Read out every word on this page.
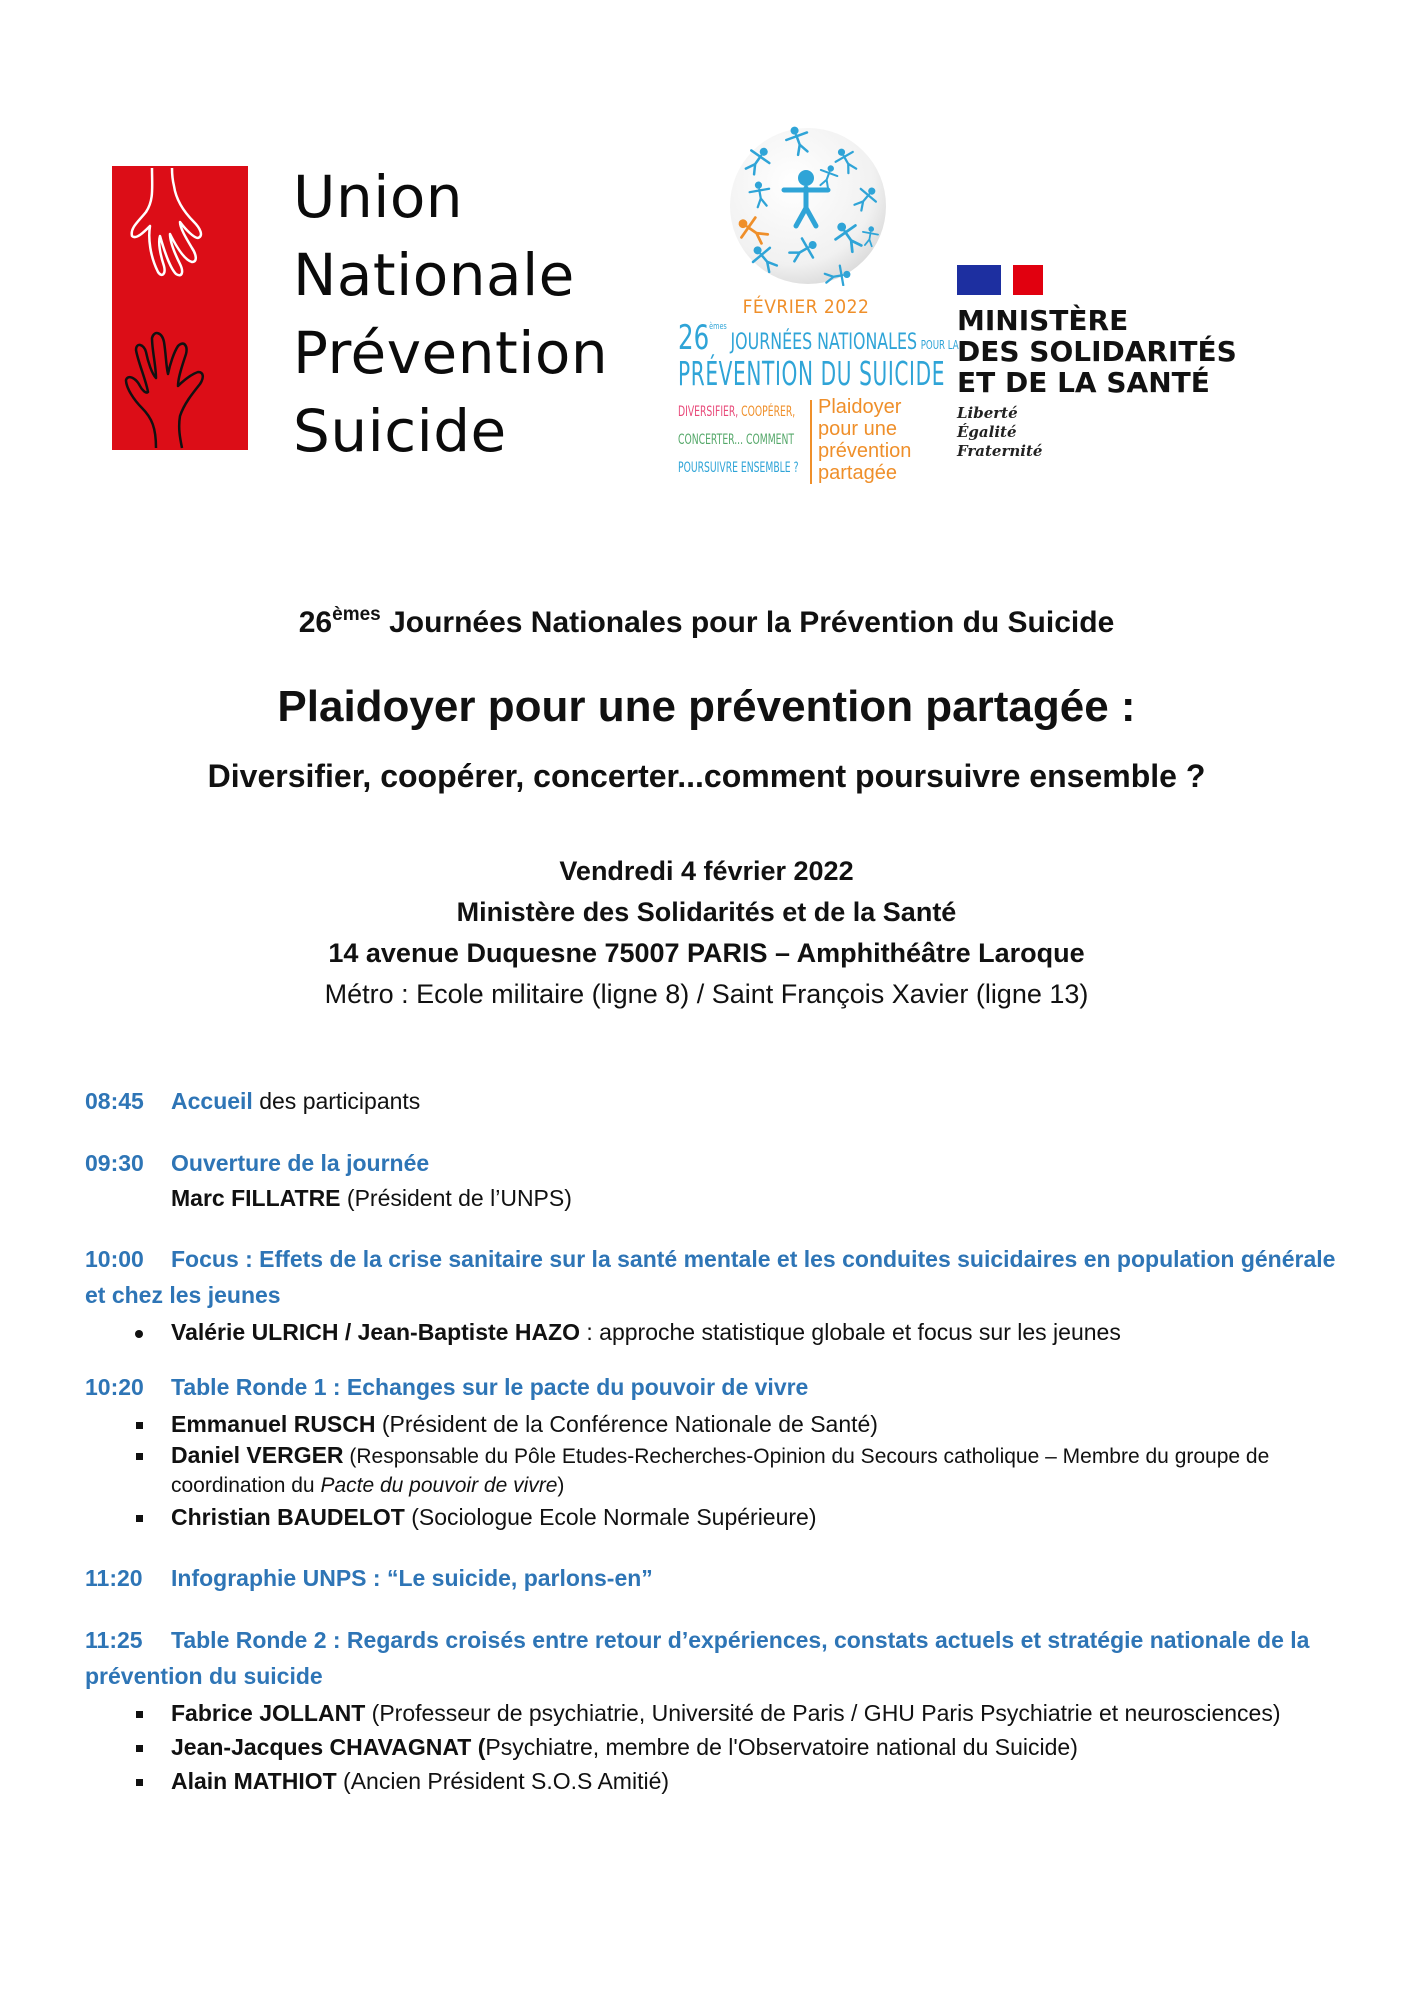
Union
Nationale
Prévention
Suicide
FÉVRIER 2022
26èmes JOURNÉES NATIONALES POUR LA
PRÉVENTION DU SUICIDE
DIVERSIFIER, COOPÉRER,
CONCERTER... COMMENT
POURSUIVRE ENSEMBLE ?
Plaidoyer
pour une
prévention
partagée
MINISTÈRE
DES SOLIDARITÉS
ET DE LA SANTÉ
Liberté
Égalité
Fraternité
26èmes Journées Nationales pour la Prévention du Suicide
Plaidoyer pour une prévention partagée :
Diversifier, coopérer, concerter...comment poursuivre ensemble ?
Vendredi 4 février 2022
Ministère des Solidarités et de la Santé
14 avenue Duquesne 75007 PARIS – Amphithéâtre Laroque
Métro : Ecole militaire (ligne 8) / Saint François Xavier (ligne 13)
08:45 Accueil des participants
09:30 Ouverture de la journée
Marc FILLATRE (Président de l’UNPS)
10:00 Focus : Effets de la crise sanitaire sur la santé mentale et les conduites suicidaires en population générale et chez les jeunes
Valérie ULRICH / Jean-Baptiste HAZO : approche statistique globale et focus sur les jeunes
10:20 Table Ronde 1 : Echanges sur le pacte du pouvoir de vivre
Emmanuel RUSCH (Président de la Conférence Nationale de Santé)
Daniel VERGER (Responsable du Pôle Etudes-Recherches-Opinion du Secours catholique – Membre du groupe de coordination du Pacte du pouvoir de vivre)
Christian BAUDELOT (Sociologue Ecole Normale Supérieure)
11:20 Infographie UNPS : “Le suicide, parlons-en”
11:25 Table Ronde 2 : Regards croisés entre retour d’expériences, constats actuels et stratégie nationale de la prévention du suicide
Fabrice JOLLANT (Professeur de psychiatrie, Université de Paris / GHU Paris Psychiatrie et neurosciences)
Jean-Jacques CHAVAGNAT (Psychiatre, membre de l'Observatoire national du Suicide)
Alain MATHIOT (Ancien Président S.O.S Amitié)
